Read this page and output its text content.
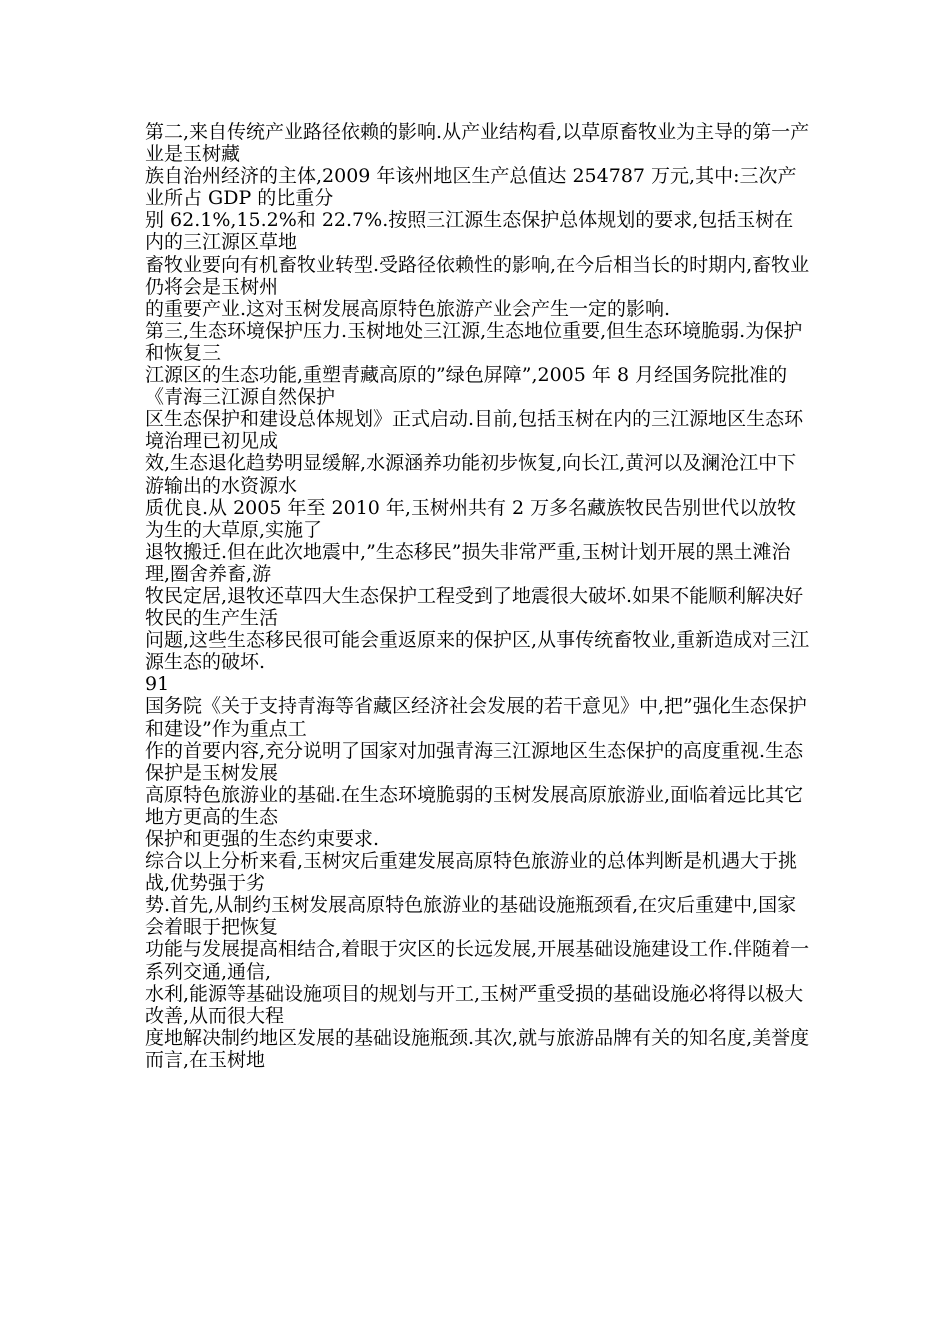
第二,来自传统产业路径依赖的影响.从产业结构看,以草原畜牧业为主导的第一产业是玉树藏
族自治州经济的主体,2009 年该州地区生产总值达 254787 万元,其中:三次产业所占 GDP 的比重分
别 62.1%,15.2%和 22.7%.按照三江源生态保护总体规划的要求,包括玉树在内的三江源区草地
畜牧业要向有机畜牧业转型.受路径依赖性的影响,在今后相当长的时期内,畜牧业仍将会是玉树州
的重要产业.这对玉树发展高原特色旅游产业会产生一定的影响.
第三,生态环境保护压力.玉树地处三江源,生态地位重要,但生态环境脆弱.为保护和恢复三
江源区的生态功能,重塑青藏高原的”绿色屏障”,2005 年 8 月经国务院批准的《青海三江源自然保护
区生态保护和建设总体规划》正式启动.目前,包括玉树在内的三江源地区生态环境治理已初见成
效,生态退化趋势明显缓解,水源涵养功能初步恢复,向长江,黄河以及澜沧江中下游输出的水资源水
质优良.从 2005 年至 2010 年,玉树州共有 2 万多名藏族牧民告别世代以放牧为生的大草原,实施了
退牧搬迁.但在此次地震中,”生态移民”损失非常严重,玉树计划开展的黑土滩治理,圈舍养畜,游
牧民定居,退牧还草四大生态保护工程受到了地震很大破坏.如果不能顺利解决好牧民的生产生活
问题,这些生态移民很可能会重返原来的保护区,从事传统畜牧业,重新造成对三江源生态的破坏.
91
国务院《关于支持青海等省藏区经济社会发展的若干意见》中,把”强化生态保护和建设”作为重点工
作的首要内容,充分说明了国家对加强青海三江源地区生态保护的高度重视.生态保护是玉树发展
高原特色旅游业的基础.在生态环境脆弱的玉树发展高原旅游业,面临着远比其它地方更高的生态
保护和更强的生态约束要求.
综合以上分析来看,玉树灾后重建发展高原特色旅游业的总体判断是机遇大于挑战,优势强于劣
势.首先,从制约玉树发展高原特色旅游业的基础设施瓶颈看,在灾后重建中,国家会着眼于把恢复
功能与发展提高相结合,着眼于灾区的长远发展,开展基础设施建设工作.伴随着一系列交通,通信,
水利,能源等基础设施项目的规划与开工,玉树严重受损的基础设施必将得以极大改善,从而很大程
度地解决制约地区发展的基础设施瓶颈.其次,就与旅游品牌有关的知名度,美誉度而言,在玉树地
